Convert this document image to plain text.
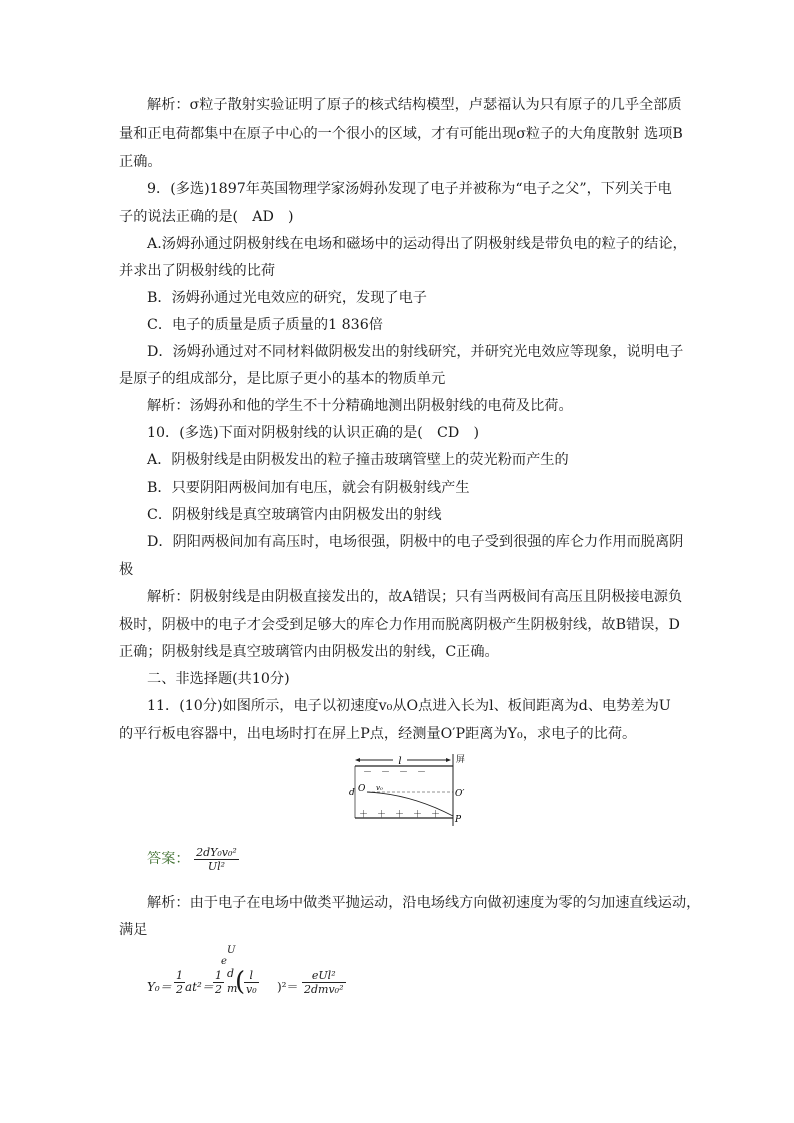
解析：σ粒子散射实验证明了原子的核式结构模型，卢瑟福认为只有原子的几乎全部质
量和正电荷都集中在原子中心的一个很小的区域，才有可能出现σ粒子的大角度散射 选项B
正确。
9．(多选)1897年英国物理学家汤姆孙发现了电子并被称为“电子之父”，下列关于电
子的说法正确的是(　AD　)
A.汤姆孙通过阴极射线在电场和磁场中的运动得出了阴极射线是带负电的粒子的结论，
并求出了阴极射线的比荷
B．汤姆孙通过光电效应的研究，发现了电子
C．电子的质量是质子质量的1 836倍
D．汤姆孙通过对不同材料做阴极发出的射线研究，并研究光电效应等现象，说明电子
是原子的组成部分，是比原子更小的基本的物质单元
解析：汤姆孙和他的学生不十分精确地测出阴极射线的电荷及比荷。
10．(多选)下面对阴极射线的认识正确的是(　CD　)
A．阴极射线是由阴极发出的粒子撞击玻璃管壁上的荧光粉而产生的
B．只要阴阳两极间加有电压，就会有阴极射线产生
C．阴极射线是真空玻璃管内由阴极发出的射线
D．阴阳两极间加有高压时，电场很强，阴极中的电子受到很强的库仑力作用而脱离阴
极
解析：阴极射线是由阴极直接发出的，故A错误；只有当两极间有高压且阴极接电源负
极时，阴极中的电子才会受到足够大的库仑力作用而脱离阴极产生阴极射线，故B错误，D
正确；阴极射线是真空玻璃管内由阴极发出的射线，C正确。
二、非选择题(共10分)
11．(10分)如图所示，电子以初速度v₀从O点进入长为l、板间距离为d、电势差为U
的平行板电容器中，出电场时打在屏上P点，经测量O′P距离为Y₀，求电子的比荷。
l
－　－　－　－
＋　＋　＋　＋　＋
屏
d O v₀
O′
P
答案： $\frac{\text{2dY₀v₀²}}{\text{Ul²}}$
解析：由于电子在电场中做类平抛运动，沿电场线方向做初速度为零的匀加速直线运动，
满足
U
e
$Y_0= \frac{1}{2} at^2= \frac{1}{2}$ d
m
(
$\frac{l}{\text{v₀}} )^2=$
eUl²
2dmv₀²
